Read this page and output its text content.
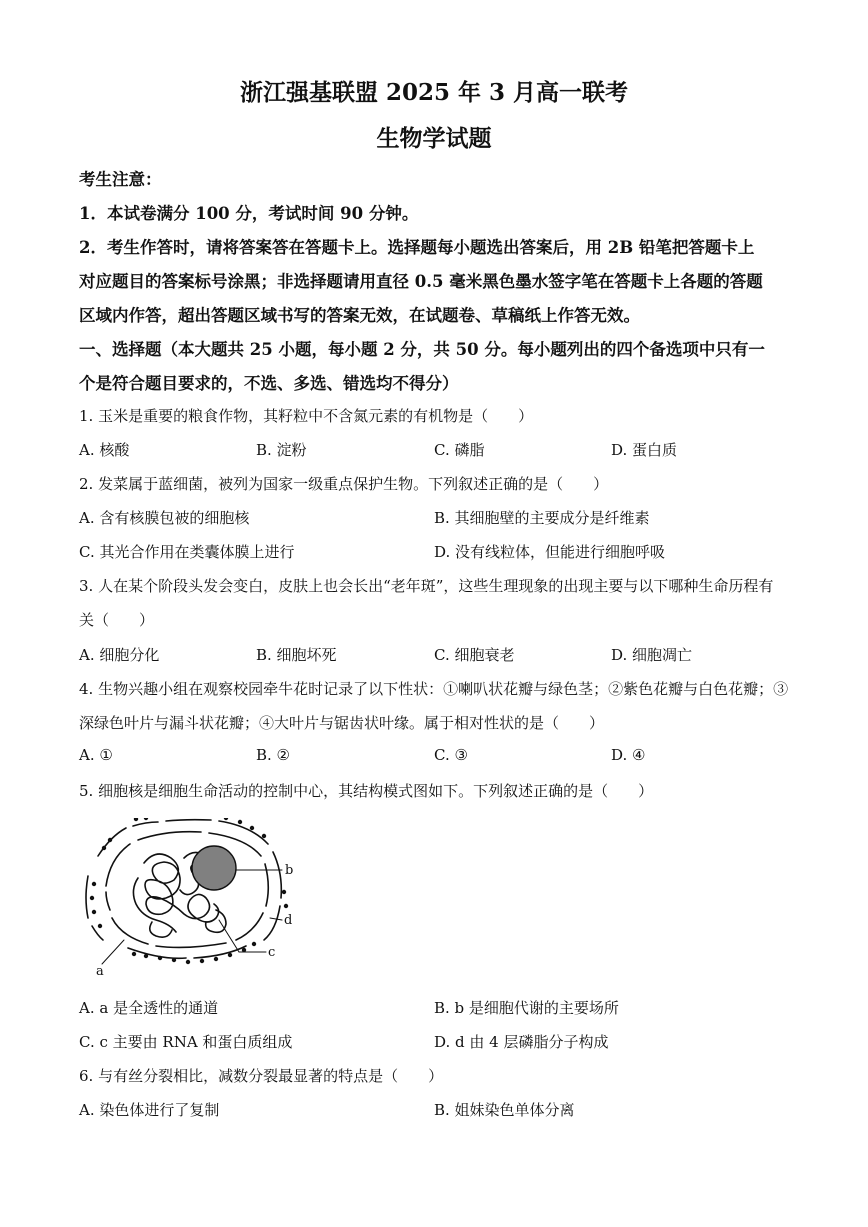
浙江强基联盟 2025 年 3 月高一联考
生物学试题
考生注意：
1．本试卷满分 100 分，考试时间 90 分钟。
2．考生作答时，请将答案答在答题卡上。选择题每小题选出答案后，用 2B 铅笔把答题卡上
对应题目的答案标号涂黑；非选择题请用直径 0.5 毫米黑色墨水签字笔在答题卡上各题的答题
区域内作答，超出答题区域书写的答案无效，在试题卷、草稿纸上作答无效。
一、选择题（本大题共 25 小题，每小题 2 分，共 50 分。每小题列出的四个备选项中只有一
个是符合题目要求的，不选、多选、错选均不得分）
1. 玉米是重要的粮食作物，其籽粒中不含氮元素的有机物是（　　）
A. 核酸	B. 淀粉	C. 磷脂	D. 蛋白质
2. 发菜属于蓝细菌，被列为国家一级重点保护生物。下列叙述正确的是（　　）
A. 含有核膜包被的细胞核	B. 其细胞壁的主要成分是纤维素
C. 其光合作用在类囊体膜上进行	D. 没有线粒体，但能进行细胞呼吸
3. 人在某个阶段头发会变白，皮肤上也会长出“老年斑”，这些生理现象的出现主要与以下哪种生命历程有
关（　　）
A. 细胞分化	B. 细胞坏死	C. 细胞衰老	D. 细胞凋亡
4. 生物兴趣小组在观察校园牵牛花时记录了以下性状：①喇叭状花瓣与绿色茎；②紫色花瓣与白色花瓣；③
深绿色叶片与漏斗状花瓣；④大叶片与锯齿状叶缘。属于相对性状的是（　　）
A. ①	B. ②	C. ③	D. ④
5. 细胞核是细胞生命活动的控制中心，其结构模式图如下。下列叙述正确的是（　　）
a
b
c
d
A. a 是全透性的通道	B. b 是细胞代谢的主要场所
C. c 主要由 RNA 和蛋白质组成	D. d 由 4 层磷脂分子构成
6. 与有丝分裂相比，减数分裂最显著的特点是（　　）
A. 染色体进行了复制	B. 姐妹染色单体分离
